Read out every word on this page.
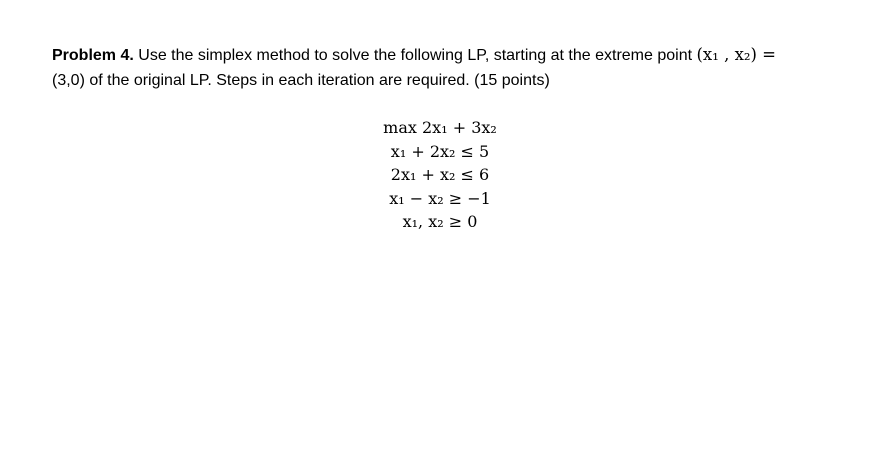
Problem 4. Use the simplex method to solve the following LP, starting at the extreme point (x₁ , x₂) =
(3,0) of the original LP. Steps in each iteration are required. (15 points)
max 2x₁ + 3x₂
x₁ + 2x₂ ≤ 5
2x₁ + x₂ ≤ 6
x₁ − x₂ ≥ −1
x₁, x₂ ≥ 0
